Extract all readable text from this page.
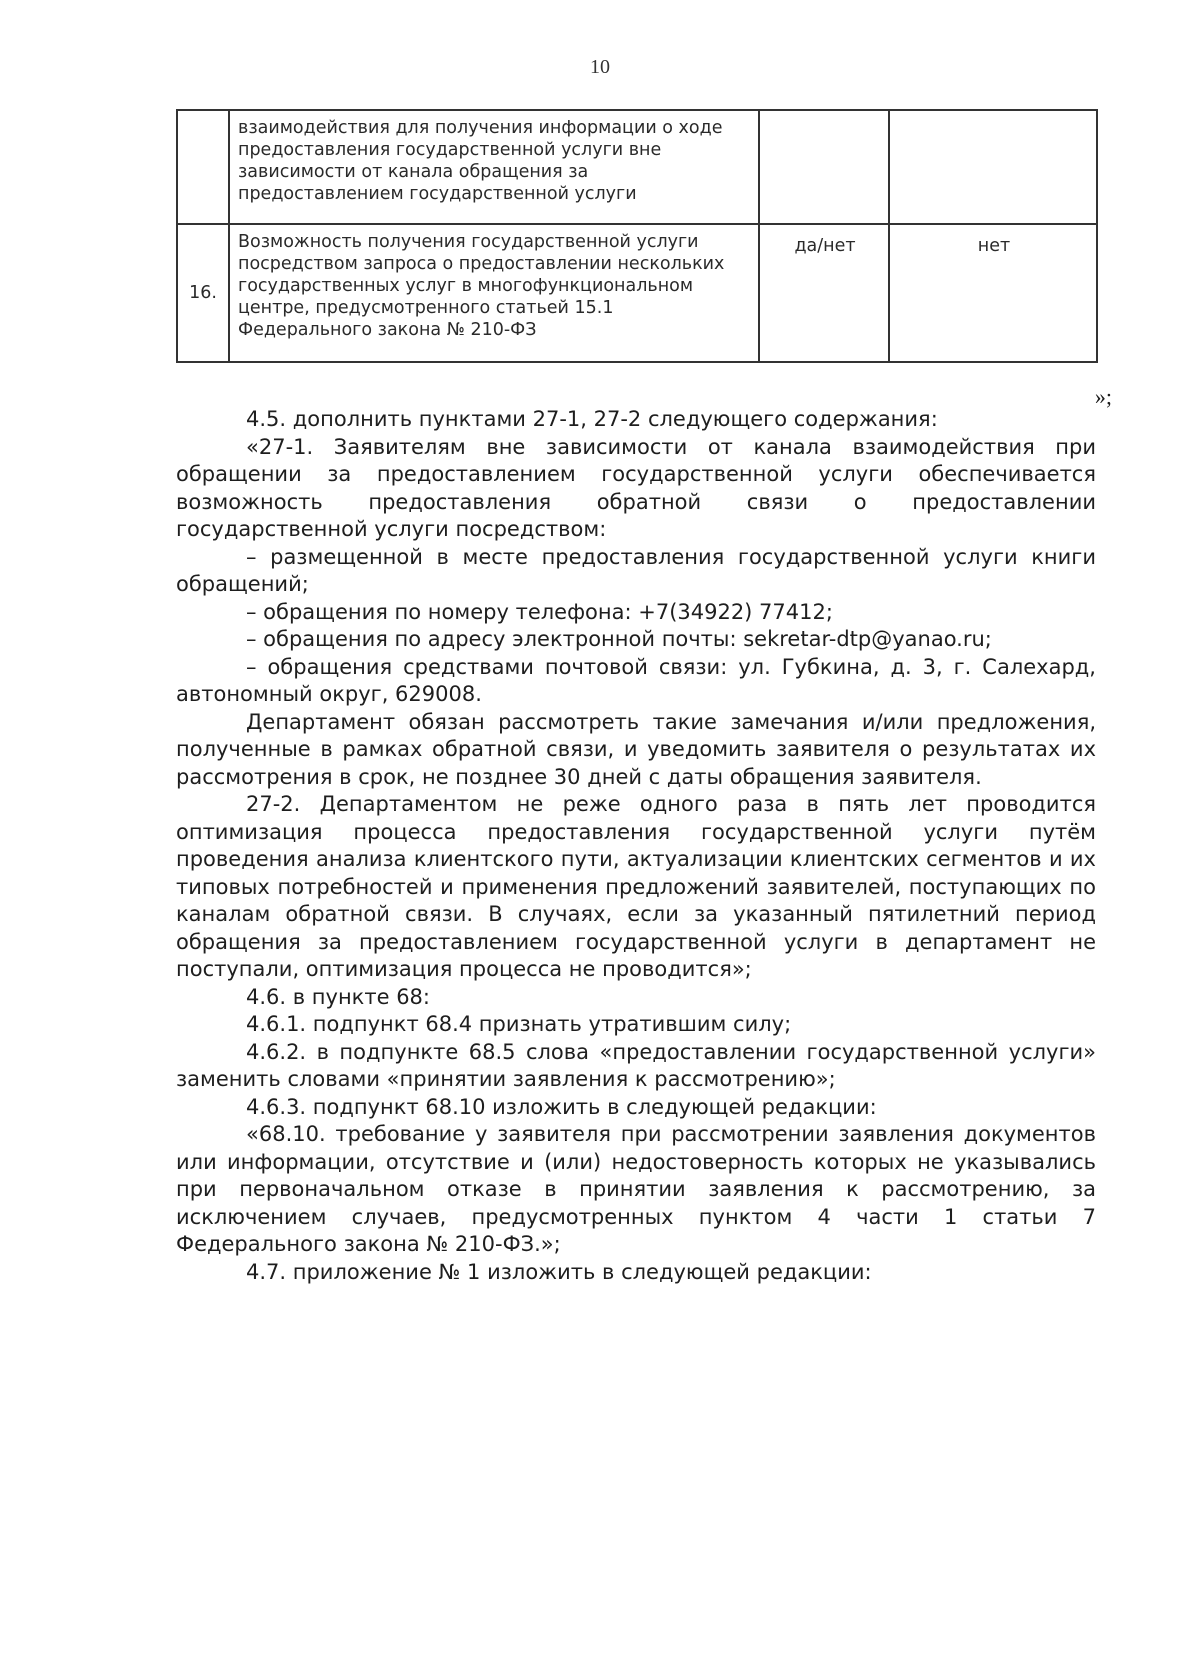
10
	взаимодействия для получения информации о ходе предоставления государственной услуги вне зависимости от канала обращения за предоставлением государственной услуги		
16.	Возможность получения государственной услуги посредством запроса о предоставлении нескольких государственных услуг в многофункциональном центре, предусмотренного статьей 15.1 Федерального закона № 210-ФЗ	да/нет	нет
»;

4.5. дополнить пунктами 27-1, 27-2 следующего содержания:

«27-1. Заявителям вне зависимости от канала взаимодействия при обращении за предоставлением государственной услуги обеспечивается возможность предоставления обратной связи о предоставлении государственной услуги посредством:

– размещенной в месте предоставления государственной услуги книги обращений;

– обращения по номеру телефона: +7(34922) 77412;

– обращения по адресу электронной почты: sekretar-dtp@yanao.ru;

– обращения средствами почтовой связи: ул. Губкина, д. 3, г. Салехард, автономный округ, 629008.

Департамент обязан рассмотреть такие замечания и/или предложения, полученные в рамках обратной связи, и уведомить заявителя о результатах их рассмотрения в срок, не позднее 30 дней с даты обращения заявителя.

27-2. Департаментом не реже одного раза в пять лет проводится оптимизация процесса предоставления государственной услуги путём проведения анализа клиентского пути, актуализации клиентских сегментов и их типовых потребностей и применения предложений заявителей, поступающих по каналам обратной связи. В случаях, если за указанный пятилетний период обращения за предоставлением государственной услуги в департамент не поступали, оптимизация процесса не проводится»;

4.6. в пункте 68:

4.6.1. подпункт 68.4 признать утратившим силу;

4.6.2. в подпункте 68.5 слова «предоставлении государственной услуги» заменить словами «принятии заявления к рассмотрению»;

4.6.3. подпункт 68.10 изложить в следующей редакции:

«68.10. требование у заявителя при рассмотрении заявления документов или информации, отсутствие и (или) недостоверность которых не указывались при первоначальном отказе в принятии заявления к рассмотрению, за исключением случаев, предусмотренных пунктом 4 части 1 статьи 7 Федерального закона № 210-ФЗ.»;

4.7. приложение № 1 изложить в следующей редакции:
